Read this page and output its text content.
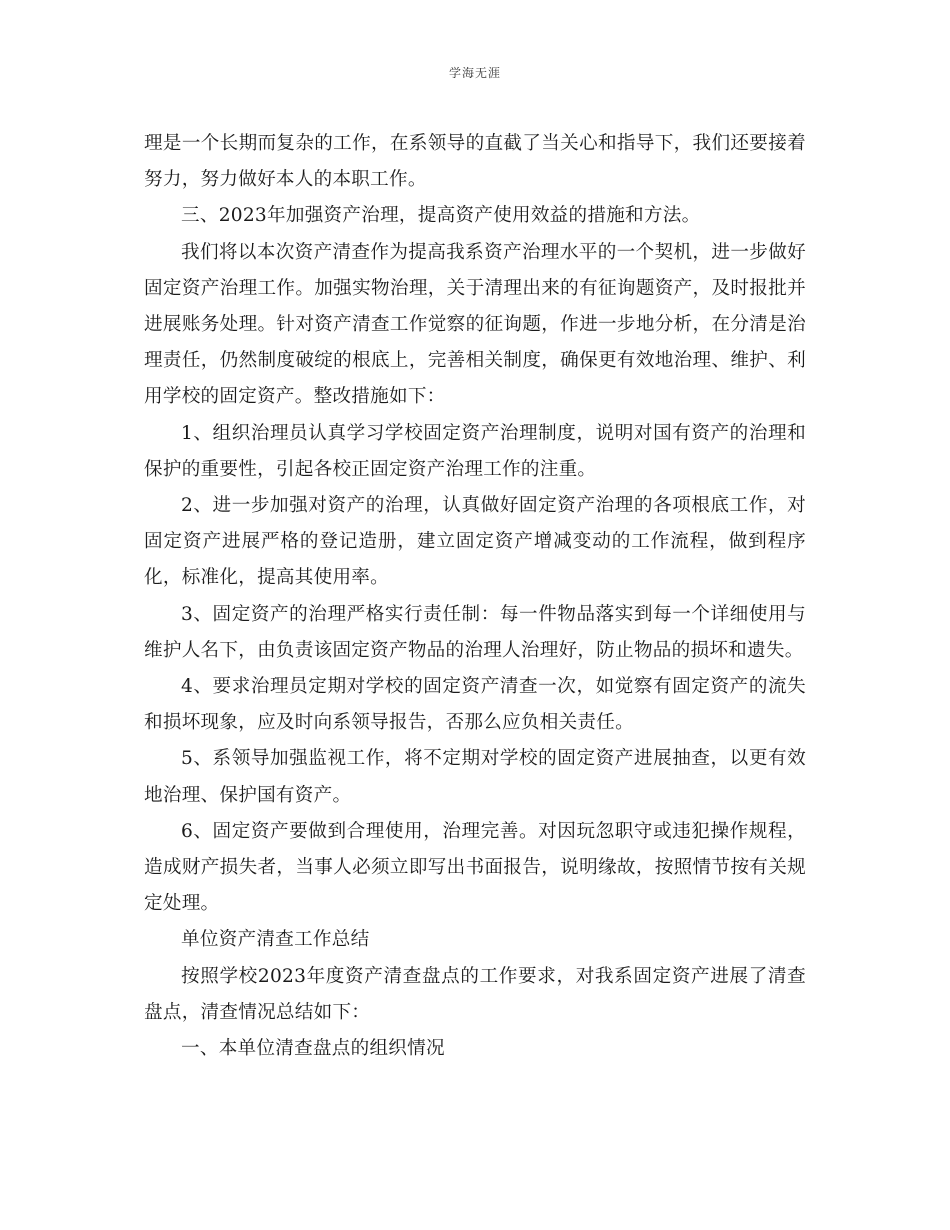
学海无涯

理是一个长期而复杂的工作，在系领导的直截了当关心和指导下，我们还要接着努力，努力做好本人的本职工作。

三、2023年加强资产治理，提高资产使用效益的措施和方法。

我们将以本次资产清查作为提高我系资产治理水平的一个契机，进一步做好固定资产治理工作。加强实物治理，关于清理出来的有征询题资产，及时报批并进展账务处理。针对资产清查工作觉察的征询题，作进一步地分析，在分清是治理责任，仍然制度破绽的根底上，完善相关制度，确保更有效地治理、维护、利用学校的固定资产。整改措施如下：

1、组织治理员认真学习学校固定资产治理制度，说明对国有资产的治理和保护的重要性，引起各校正固定资产治理工作的注重。

2、进一步加强对资产的治理，认真做好固定资产治理的各项根底工作，对固定资产进展严格的登记造册，建立固定资产增减变动的工作流程，做到程序化，标准化，提高其使用率。

3、固定资产的治理严格实行责任制：每一件物品落实到每一个详细使用与维护人名下，由负责该固定资产物品的治理人治理好，防止物品的损坏和遗失。

4、要求治理员定期对学校的固定资产清查一次，如觉察有固定资产的流失和损坏现象，应及时向系领导报告，否那么应负相关责任。

5、系领导加强监视工作，将不定期对学校的固定资产进展抽查，以更有效地治理、保护国有资产。

6、固定资产要做到合理使用，治理完善。对因玩忽职守或违犯操作规程，造成财产损失者，当事人必须立即写出书面报告，说明缘故，按照情节按有关规定处理。

单位资产清查工作总结

按照学校2023年度资产清查盘点的工作要求，对我系固定资产进展了清查盘点，清查情况总结如下：

一、本单位清查盘点的组织情况
